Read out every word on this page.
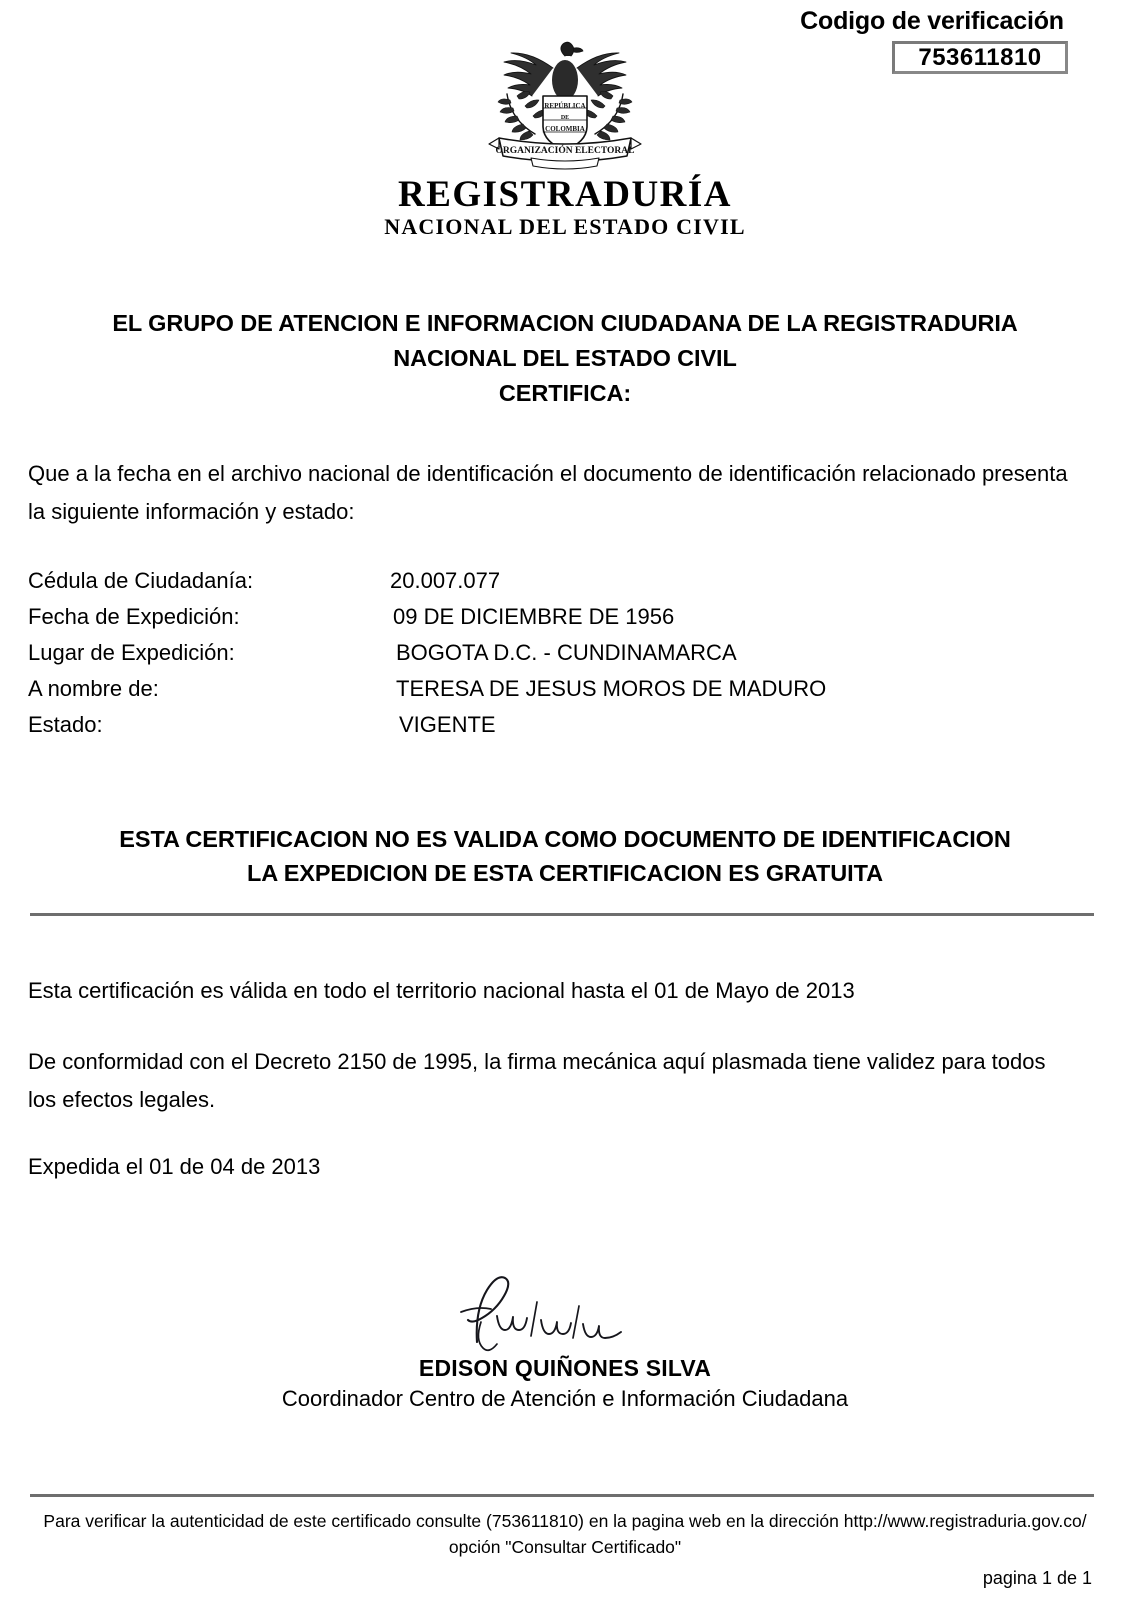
Codigo de verificación
753611810
REPÚBLICA
DE
COLOMBIA
ORGANIZACIÓN ELECTORAL
REGISTRADURÍA
NACIONAL DEL ESTADO CIVIL
EL GRUPO DE ATENCION E INFORMACION CIUDADANA DE LA REGISTRADURIA
NACIONAL DEL ESTADO CIVIL
CERTIFICA:
Que a la fecha en el archivo nacional de identificación el documento de identificación relacionado presenta la siguiente información y estado:
Cédula de Ciudadanía:	20.007.077
Fecha de Expedición:	09 DE DICIEMBRE DE 1956
Lugar de Expedición:	BOGOTA D.C. - CUNDINAMARCA
A nombre de:	TERESA DE JESUS MOROS DE MADURO
Estado:	VIGENTE
ESTA CERTIFICACION NO ES VALIDA COMO DOCUMENTO DE IDENTIFICACION
LA EXPEDICION DE ESTA CERTIFICACION ES GRATUITA
Esta certificación es válida en todo el territorio nacional hasta el 01 de Mayo de 2013
De conformidad con el Decreto 2150 de 1995, la firma mecánica aquí plasmada tiene validez para todos los efectos legales.
Expedida el 01 de 04 de 2013
EDISON QUIÑONES SILVA
Coordinador Centro de Atención e Información Ciudadana
Para verificar la autenticidad de este certificado consulte (753611810) en la pagina web en la dirección http://www.registraduria.gov.co/
opción "Consultar Certificado"
pagina 1 de 1
